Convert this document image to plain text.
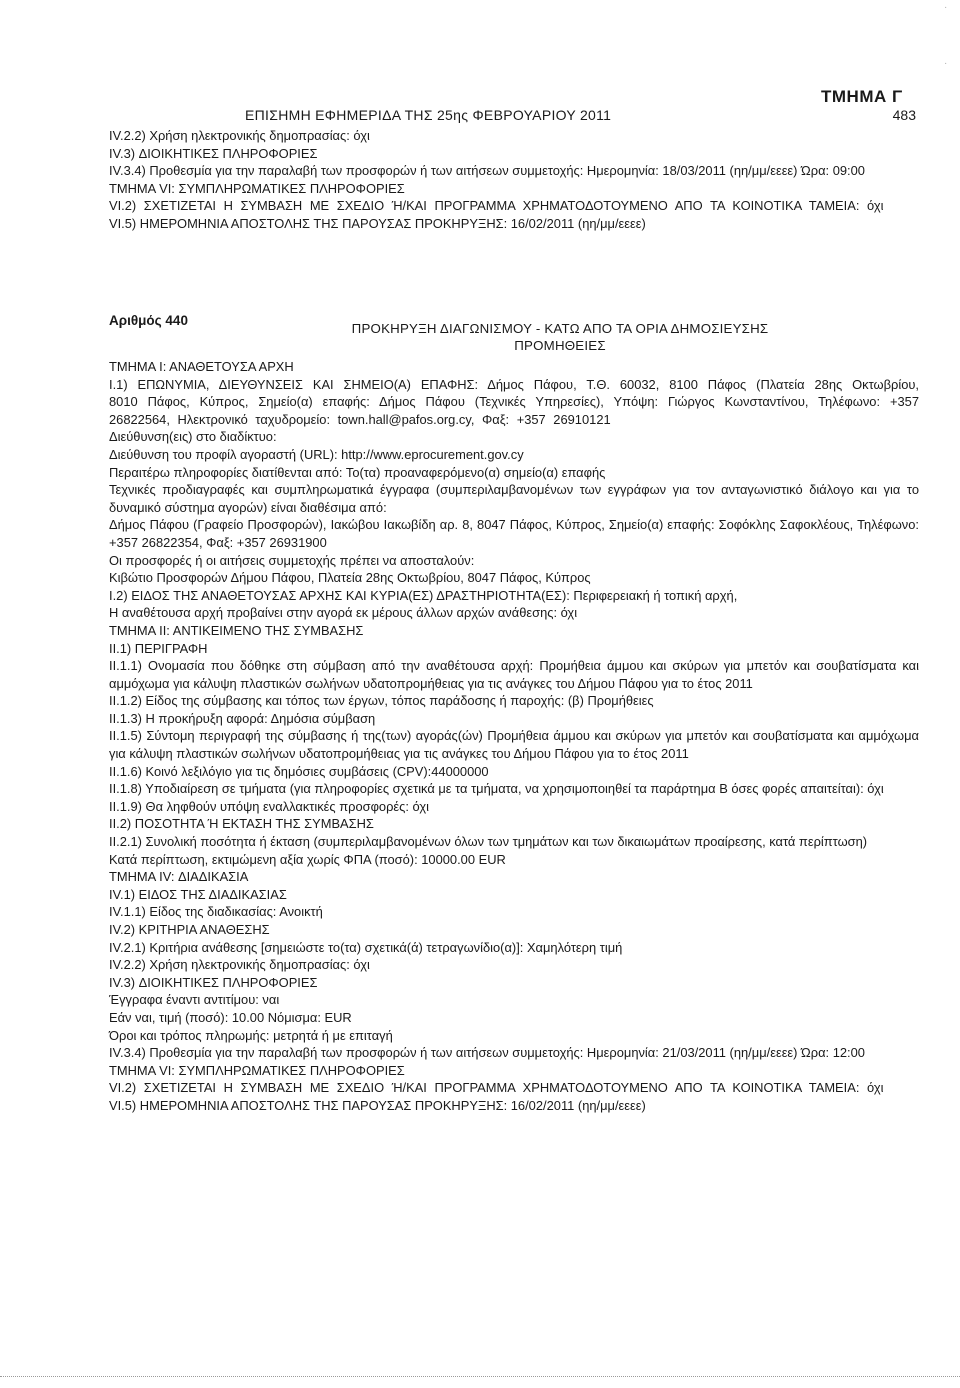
ΤΜΗΜΑ Γ
ΕΠΙΣΗΜΗ ΕΦΗΜΕΡΙΔΑ ΤΗΣ 25ης ΦΕΒΡΟΥΑΡΙΟΥ 2011	483

IV.2.2) Χρήση ηλεκτρονικής δημοπρασίας: όχι

IV.3) ΔΙΟΙΚΗΤΙΚΕΣ ΠΛΗΡΟΦΟΡΙΕΣ

IV.3.4) Προθεσμία για την παραλαβή των προσφορών ή των αιτήσεων συμμετοχής: Ημερομηνία: 18/03/2011 (ηη/μμ/εεεε) Ώρα: 09:00

ΤΜΗΜΑ VI: ΣΥΜΠΛΗΡΩΜΑΤΙΚΕΣ ΠΛΗΡΟΦΟΡΙΕΣ

VI.2) ΣΧΕΤΙΖΕΤΑΙ Η ΣΥΜΒΑΣΗ ΜΕ ΣΧΕΔΙΟ Ή/ΚΑΙ ΠΡΟΓΡΑΜΜΑ ΧΡΗΜΑΤΟΔΟΤΟΥΜΕΝΟ ΑΠΟ ΤΑ ΚΟΙΝΟΤΙΚΑ ΤΑΜΕΙΑ: όχι

VI.5) ΗΜΕΡΟΜΗΝΙΑ ΑΠΟΣΤΟΛΗΣ ΤΗΣ ΠΑΡΟΥΣΑΣ ΠΡΟΚΗΡΥΞΗΣ: 16/02/2011 (ηη/μμ/εεεε)

Αριθμός 440

ΠΡΟΚΗΡΥΞΗ ΔΙΑΓΩΝΙΣΜΟΥ - ΚΑΤΩ ΑΠΟ ΤΑ ΟΡΙΑ ΔΗΜΟΣΙΕΥΣΗΣ

ΠΡΟΜΗΘΕΙΕΣ

ΤΜΗΜΑ Ι: ΑΝΑΘΕΤΟΥΣΑ ΑΡΧΗ

Ι.1) ΕΠΩΝΥΜΙΑ, ΔΙΕΥΘΥΝΣΕΙΣ ΚΑΙ ΣΗΜΕΙΟ(Α) ΕΠΑΦΗΣ: Δήμος Πάφου, Τ.Θ. 60032, 8100 Πάφος (Πλατεία 28ης Οκτωβρίου, 8010 Πάφος, Κύπρος, Σημείο(α) επαφής: Δήμος Πάφου (Τεχνικές Υπηρεσίες), Υπόψη: Γιώργος Κωνσταντίνου, Τηλέφωνο: +357 26822564, Ηλεκτρονικό ταχυδρομείο: town.hall@pafos.org.cy, Φαξ: +357 26910121

Διεύθυνση(εις) στο διαδίκτυο:

Διεύθυνση του προφίλ αγοραστή (URL): http://www.eprocurement.gov.cy

Περαιτέρω πληροφορίες διατίθενται από: Το(τα) προαναφερόμενο(α) σημείο(α) επαφής

Τεχνικές προδιαγραφές και συμπληρωματικά έγγραφα (συμπεριλαμβανομένων των εγγράφων για τον ανταγωνιστικό διάλογο και για το δυναμικό σύστημα αγορών) είναι διαθέσιμα από:

Δήμος Πάφου (Γραφείο Προσφορών), Ιακώβου Ιακωβίδη αρ. 8, 8047 Πάφος, Κύπρος, Σημείο(α) επαφής: Σοφόκλης Σαφοκλέους, Τηλέφωνο: +357 26822354, Φαξ: +357 26931900

Οι προσφορές ή οι αιτήσεις συμμετοχής πρέπει να αποσταλούν:

Κιβώτιο Προσφορών Δήμου Πάφου, Πλατεία 28ης Οκτωβρίου, 8047 Πάφος, Κύπρος

Ι.2) ΕΙΔΟΣ ΤΗΣ ΑΝΑΘΕΤΟΥΣΑΣ ΑΡΧΗΣ ΚΑΙ ΚΥΡΙΑ(ΕΣ) ΔΡΑΣΤΗΡΙΟΤΗΤΑ(ΕΣ): Περιφερειακή ή τοπική αρχή,

Η αναθέτουσα αρχή προβαίνει στην αγορά εκ μέρους άλλων αρχών ανάθεσης: όχι

ΤΜΗΜΑ ΙΙ: ΑΝΤΙΚΕΙΜΕΝΟ ΤΗΣ ΣΥΜΒΑΣΗΣ

ΙΙ.1) ΠΕΡΙΓΡΑΦΗ

ΙΙ.1.1) Ονομασία που δόθηκε στη σύμβαση από την αναθέτουσα αρχή: Προμήθεια άμμου και σκύρων για μπετόν και σουβατίσματα και αμμόχωμα για κάλυψη πλαστικών σωλήνων υδατοπρομήθειας για τις ανάγκες του Δήμου Πάφου για το έτος 2011

ΙΙ.1.2) Είδος της σύμβασης και τόπος των έργων, τόπος παράδοσης ή παροχής: (β) Προμήθειες

ΙΙ.1.3) Η προκήρυξη αφορά: Δημόσια σύμβαση

ΙΙ.1.5) Σύντομη περιγραφή της σύμβασης ή της(των) αγοράς(ών) Προμήθεια άμμου και σκύρων για μπετόν και σουβατίσματα και αμμόχωμα για κάλυψη πλαστικών σωλήνων υδατοπρομήθειας για τις ανάγκες του Δήμου Πάφου για το έτος 2011

ΙΙ.1.6) Κοινό λεξιλόγιο για τις δημόσιες συμβάσεις (CPV):44000000

ΙΙ.1.8) Υποδιαίρεση σε τμήματα (για πληροφορίες σχετικά με τα τμήματα, να χρησιμοποιηθεί τα παράρτημα Β όσες φορές απαιτείται): όχι

ΙΙ.1.9) Θα ληφθούν υπόψη εναλλακτικές προσφορές: όχι

ΙΙ.2) ΠΟΣΟΤΗΤΑ Ή ΕΚΤΑΣΗ ΤΗΣ ΣΥΜΒΑΣΗΣ

ΙΙ.2.1) Συνολική ποσότητα ή έκταση (συμπεριλαμβανομένων όλων των τμημάτων και των δικαιωμάτων προαίρεσης, κατά περίπτωση)

Κατά περίπτωση, εκτιμώμενη αξία χωρίς ΦΠΑ (ποσό): 10000.00 EUR

ΤΜΗΜΑ IV: ΔΙΑΔΙΚΑΣΙΑ

IV.1) ΕΙΔΟΣ ΤΗΣ ΔΙΑΔΙΚΑΣΙΑΣ

IV.1.1) Είδος της διαδικασίας: Ανοικτή

IV.2) ΚΡΙΤΗΡΙΑ ΑΝΑΘΕΣΗΣ

IV.2.1) Κριτήρια ανάθεσης [σημειώστε το(τα) σχετικά(ά) τετραγωνίδιο(α)]: Χαμηλότερη τιμή

IV.2.2) Χρήση ηλεκτρονικής δημοπρασίας: όχι

IV.3) ΔΙΟΙΚΗΤΙΚΕΣ ΠΛΗΡΟΦΟΡΙΕΣ

Έγγραφα έναντι αντιτίμου: ναι

Εάν ναι, τιμή (ποσό): 10.00 Νόμισμα: EUR

Όροι και τρόπος πληρωμής: μετρητά ή με επιταγή

IV.3.4) Προθεσμία για την παραλαβή των προσφορών ή των αιτήσεων συμμετοχής: Ημερομηνία: 21/03/2011 (ηη/μμ/εεεε) Ώρα: 12:00

ΤΜΗΜΑ VI: ΣΥΜΠΛΗΡΩΜΑΤΙΚΕΣ ΠΛΗΡΟΦΟΡΙΕΣ

VI.2) ΣΧΕΤΙΖΕΤΑΙ Η ΣΥΜΒΑΣΗ ΜΕ ΣΧΕΔΙΟ Ή/ΚΑΙ ΠΡΟΓΡΑΜΜΑ ΧΡΗΜΑΤΟΔΟΤΟΥΜΕΝΟ ΑΠΟ ΤΑ ΚΟΙΝΟΤΙΚΑ ΤΑΜΕΙΑ: όχι

VI.5) ΗΜΕΡΟΜΗΝΙΑ ΑΠΟΣΤΟΛΗΣ ΤΗΣ ΠΑΡΟΥΣΑΣ ΠΡΟΚΗΡΥΞΗΣ: 16/02/2011 (ηη/μμ/εεεε)

·
·
